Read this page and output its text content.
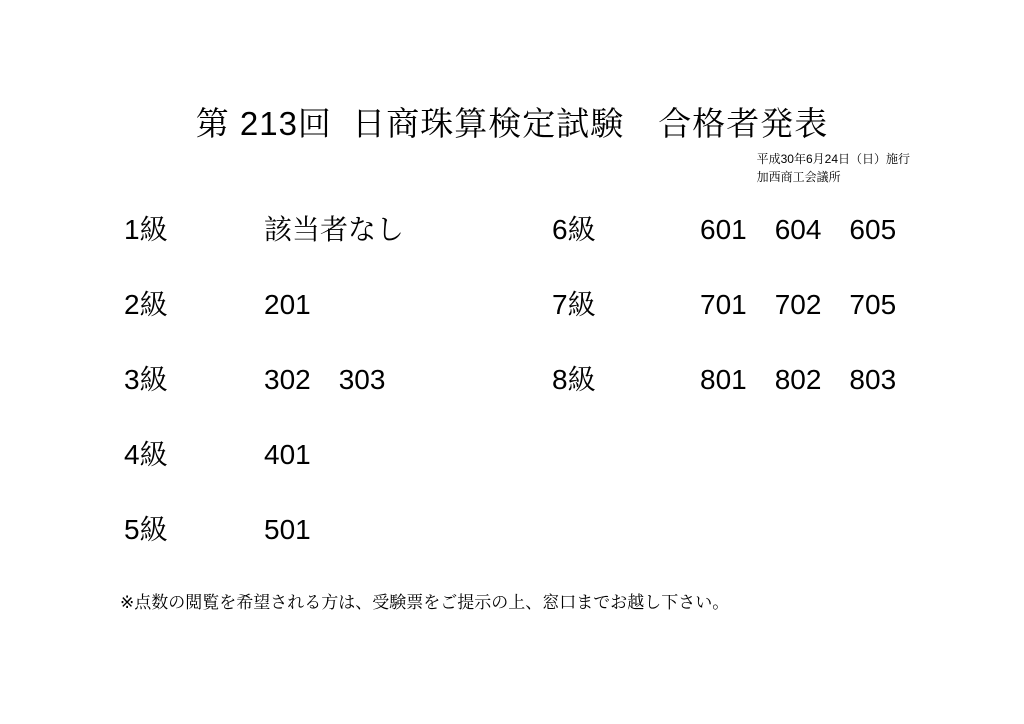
第 213回  日商珠算検定試験　合格者発表
平成30年6月24日（日）施行
加西商工会議所
1級	該当者なし	6級	601　604　605
2級	201	7級	701　702　705
3級	302　303	8級	801　802　803
4級	401
5級	501
※点数の閲覧を希望される方は、受験票をご提示の上、窓口までお越し下さい。
